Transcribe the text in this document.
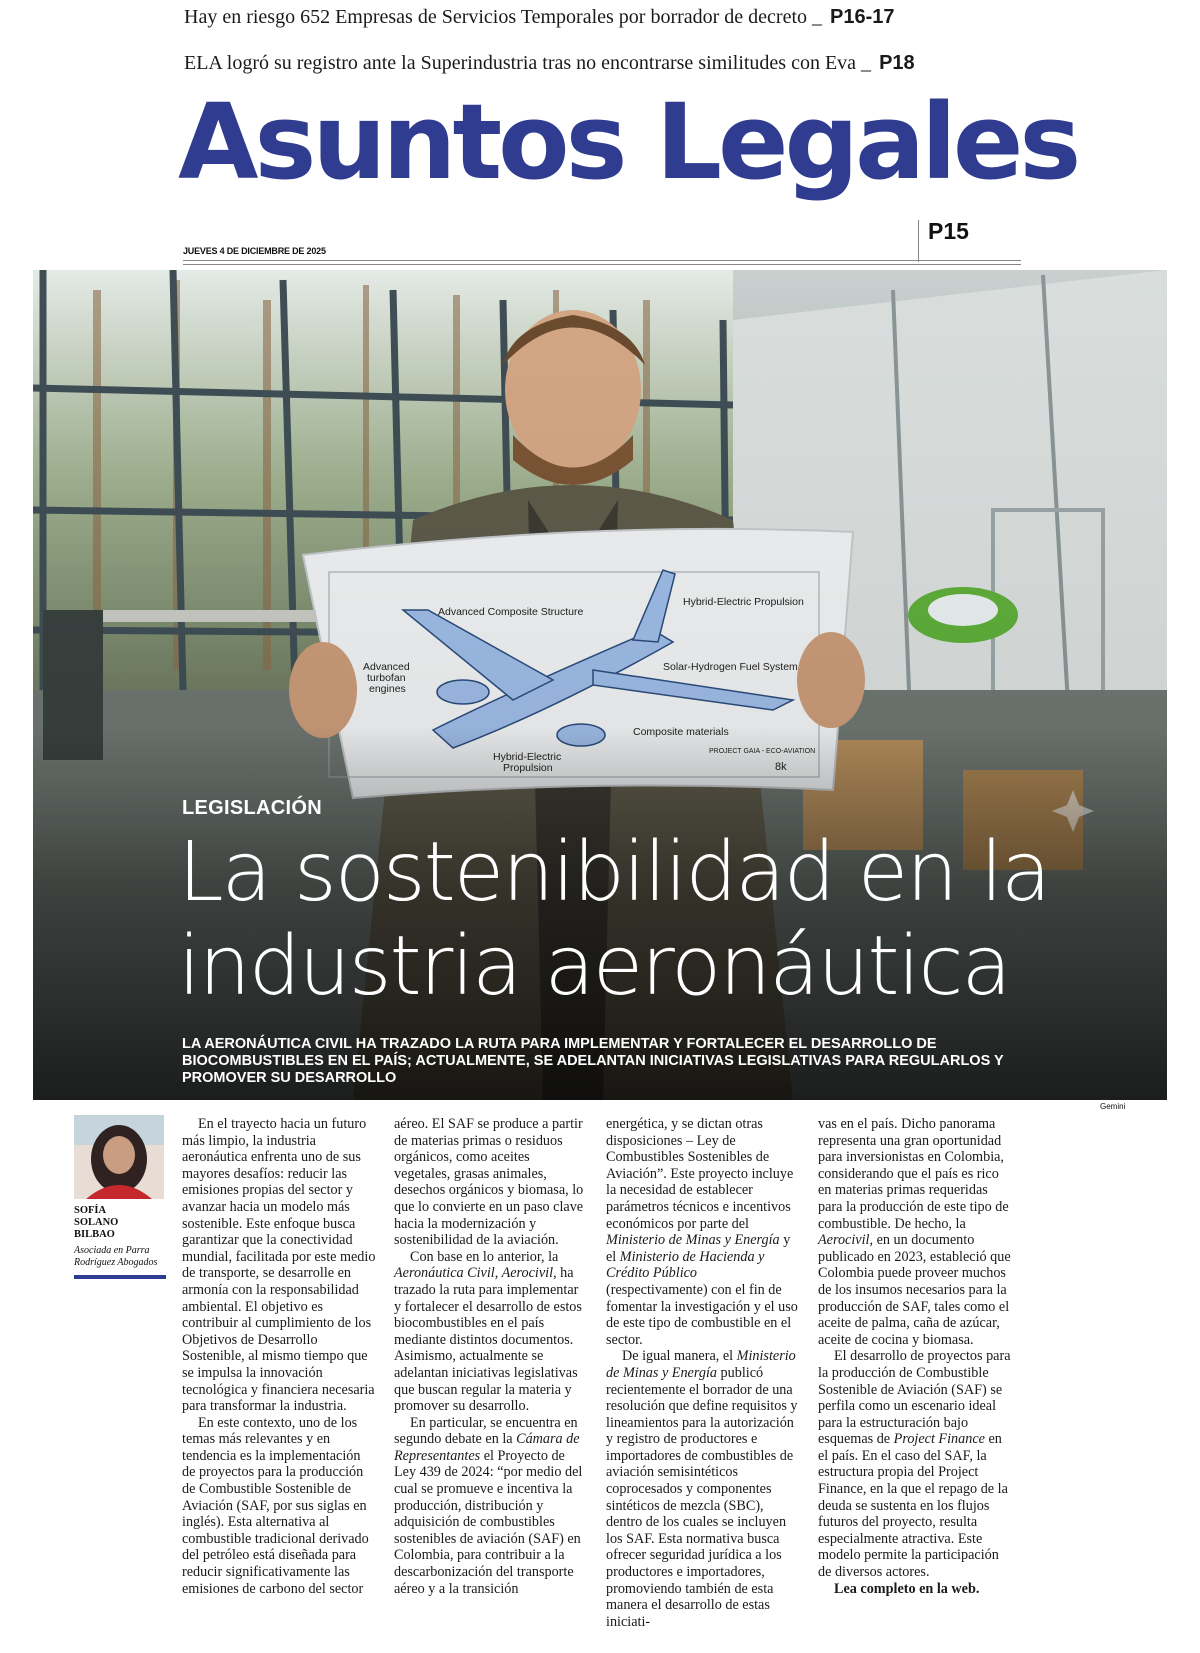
Hay en riesgo 652 Empresas de Servicios Temporales por borrador de decreto _ P16-17
ELA logró su registro ante la Superindustria tras no encontrarse similitudes con Eva _ P18
Asuntos Legales
JUEVES 4 DE DICIEMBRE DE 2025
P15
LEGISLACIÓN
La sostenibilidad en la industria aeronáutica
LA AERONÁUTICA CIVIL HA TRAZADO LA RUTA PARA IMPLEMENTAR Y FORTALECER EL DESARROLLO DE BIOCOMBUSTIBLES EN EL PAÍS; ACTUALMENTE, SE ADELANTAN INICIATIVAS LEGISLATIVAS PARA REGULARLOS Y PROMOVER SU DESARROLLO
Gemini
SOFÍA SOLANO BILBAO
Asociada en Parra Rodríguez Abogados

En el trayecto hacia un futuro más limpio, la industria aeronáutica enfrenta uno de sus mayores desafíos: reducir las emisiones propias del sector y avanzar hacia un modelo más sostenible. Este enfoque busca garantizar que la conectividad mundial, facilitada por este medio de transporte, se desarrolle en armonía con la responsabilidad ambiental. El objetivo es contribuir al cumplimiento de los Objetivos de Desarrollo Sostenible, al mismo tiempo que se impulsa la innovación tecnológica y financiera necesaria para transformar la industria.

En este contexto, uno de los temas más relevantes y en tendencia es la implementación de proyectos para la producción de Combustible Sostenible de Aviación (SAF, por sus siglas en inglés). Esta alternativa al combustible tradicional derivado del petróleo está diseñada para reducir significativamente las emisiones de carbono del sector

aéreo. El SAF se produce a partir de materias primas o residuos orgánicos, como aceites vegetales, grasas animales, desechos orgánicos y biomasa, lo que lo convierte en un paso clave hacia la modernización y sostenibilidad de la aviación.

Con base en lo anterior, la Aeronáutica Civil, Aerocivil, ha trazado la ruta para implementar y fortalecer el desarrollo de estos biocombustibles en el país mediante distintos documentos. Asimismo, actualmente se adelantan iniciativas legislativas que buscan regular la materia y promover su desarrollo.

En particular, se encuentra en segundo debate en la Cámara de Representantes el Proyecto de Ley 439 de 2024: “por medio del cual se promueve e incentiva la producción, distribución y adquisición de combustibles sostenibles de aviación (SAF) en Colombia, para contribuir a la descarbonización del transporte aéreo y a la transición

energética, y se dictan otras disposiciones – Ley de Combustibles Sostenibles de Aviación”. Este proyecto incluye la necesidad de establecer parámetros técnicos e incentivos económicos por parte del Ministerio de Minas y Energía y el Ministerio de Hacienda y Crédito Público (respectivamente) con el fin de fomentar la investigación y el uso de este tipo de combustible en el sector.

De igual manera, el Ministerio de Minas y Energía publicó recientemente el borrador de una resolución que define requisitos y lineamientos para la autorización y registro de productores e importadores de combustibles de aviación semisintéticos coprocesados y componentes sintéticos de mezcla (SBC), dentro de los cuales se incluyen los SAF. Esta normativa busca ofrecer seguridad jurídica a los productores e importadores, promoviendo también de esta manera el desarrollo de estas iniciati-

vas en el país. Dicho panorama representa una gran oportunidad para inversionistas en Colombia, considerando que el país es rico en materias primas requeridas para la producción de este tipo de combustible. De hecho, la Aerocivil, en un documento publicado en 2023, estableció que Colombia puede proveer muchos de los insumos necesarios para la producción de SAF, tales como el aceite de palma, caña de azúcar, aceite de cocina y biomasa.

El desarrollo de proyectos para la producción de Combustible Sostenible de Aviación (SAF) se perfila como un escenario ideal para la estructuración bajo esquemas de Project Finance en el país. En el caso del SAF, la estructura propia del Project Finance, en la que el repago de la deuda se sustenta en los flujos futuros del proyecto, resulta especialmente atractiva. Este modelo permite la participación de diversos actores.

Lea completo en la web.
